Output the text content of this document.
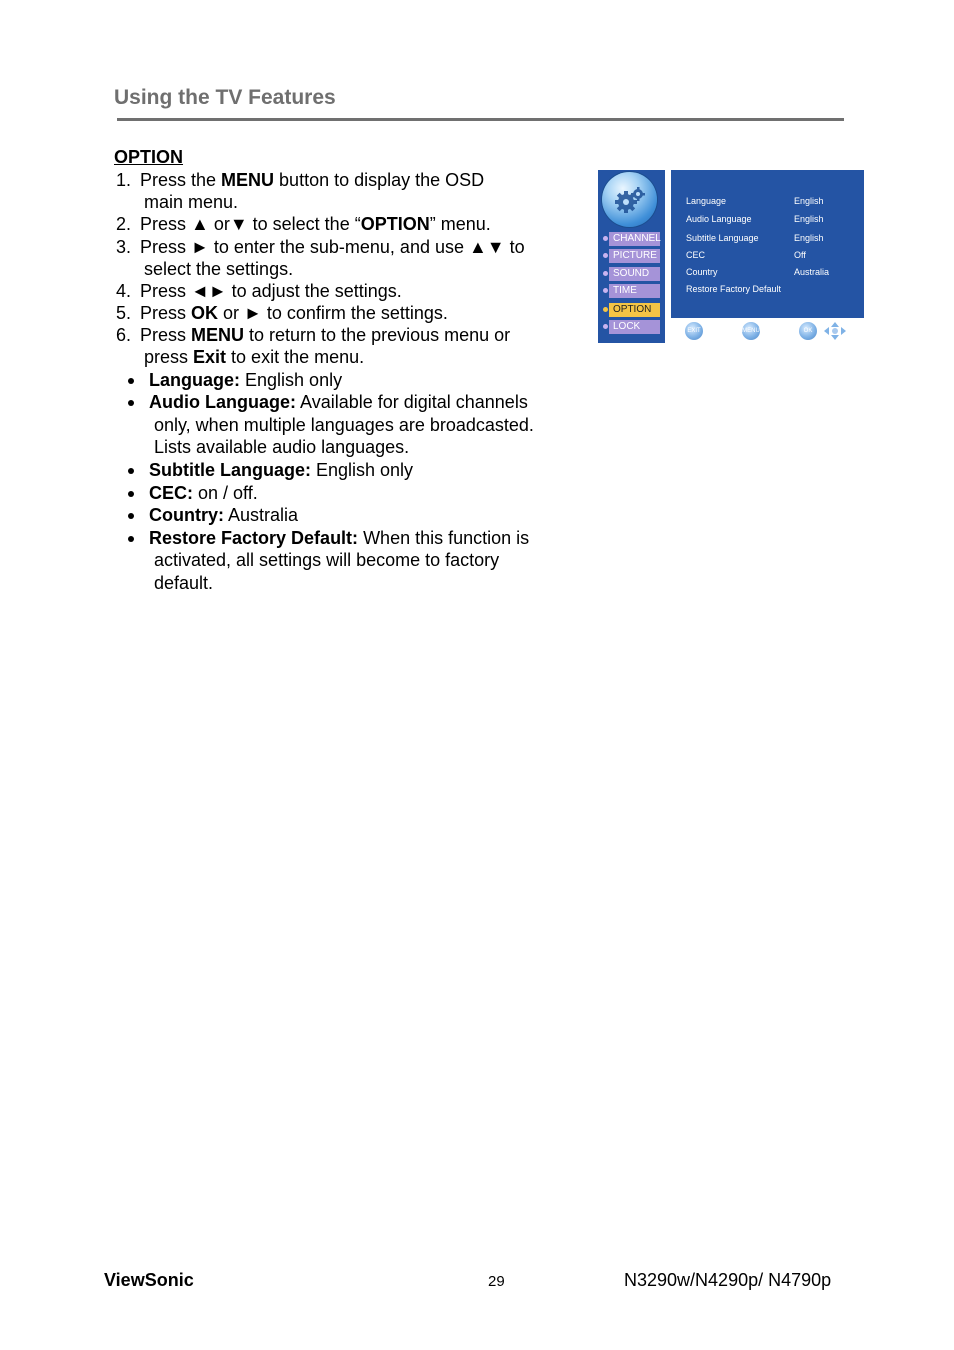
Using the TV Features
OPTION
1. Press the MENU button to display the OSD
main menu.
2. Press ▲ or▼ to select the “OPTION” menu.
3. Press ► to enter the sub-menu, and use ▲▼ to
select the settings.
4. Press ◄► to adjust the settings.
5. Press OK or ► to confirm the settings.
6. Press MENU to return to the previous menu or
press Exit to exit the menu.
Language: English only
Audio Language: Available for digital channels
only, when multiple languages are broadcasted.
Lists available audio languages.
Subtitle Language: English only
CEC: on / off.
Country: Australia
Restore Factory Default: When this function is
activated, all settings will become to factory
default.
CHANNEL
PICTURE
SOUND
TIME
OPTION
LOCK
Language	English
Audio Language	English
Subtitle Language	English
CEC	Off
Country	Australia
Restore Factory Default
EXIT	MENU	OK
ViewSonic	29	N3290w/N4290p/ N4790p
